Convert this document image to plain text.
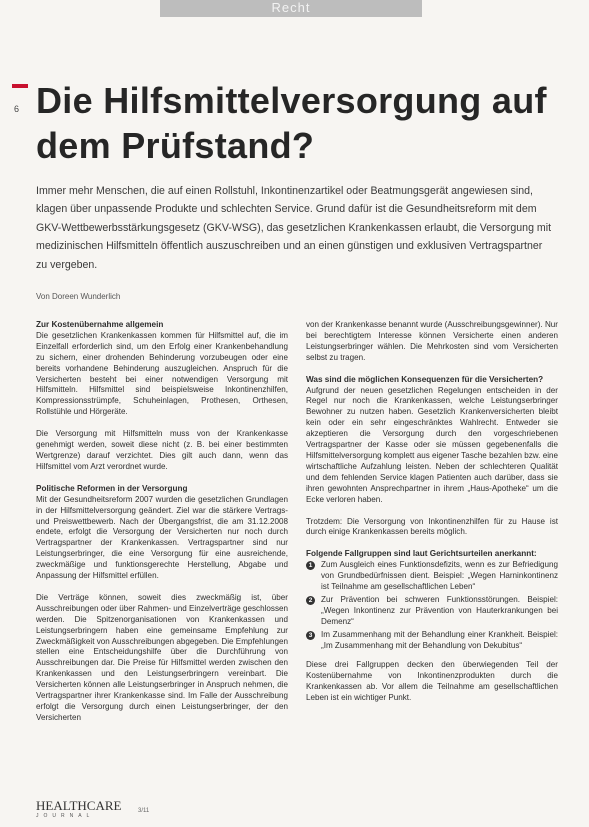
Recht
6 Die Hilfsmittelversorgung auf dem Prüfstand?

Immer mehr Menschen, die auf einen Rollstuhl, Inkontinenzartikel oder Beatmungsgerät angewiesen sind, klagen über unpassende Produkte und schlechten Service. Grund dafür ist die Gesundheitsreform mit dem GKV-Wettbewerbsstärkungsgesetz (GKV-WSG), das gesetzlichen Krankenkassen erlaubt, die Versorgung mit medizinischen Hilfsmitteln öffentlich auszuschreiben und an einen günstigen und exklusiven Vertragspartner zu vergeben.

Von Doreen Wunderlich
Zur Kostenübernahme allgemein

Die gesetzlichen Krankenkassen kommen für Hilfsmittel auf, die im Einzelfall erforderlich sind, um den Erfolg einer Krankenbehandlung zu sichern, einer drohenden Behinderung vorzubeugen oder eine bereits vorhandene Behinderung auszugleichen. Anspruch für die Versicherten besteht bei einer notwendigen Versorgung mit Hilfsmitteln. Hilfsmittel sind beispielsweise Inkontinenzhilfen, Kompressionsstrümpfe, Schuheinlagen, Prothesen, Orthesen, Rollstühle und Hörgeräte.

Die Versorgung mit Hilfsmitteln muss von der Krankenkasse genehmigt werden, soweit diese nicht (z. B. bei einer bestimmten Wertgrenze) darauf verzichtet. Dies gilt auch dann, wenn das Hilfsmittel vom Arzt verordnet wurde.

Politische Reformen in der Versorgung

Mit der Gesundheitsreform 2007 wurden die gesetzlichen Grundlagen in der Hilfsmittelversorgung geändert. Ziel war die stärkere Vertrags- und Preiswettbewerb. Nach der Übergangsfrist, die am 31.12.2008 endete, erfolgt die Versorgung der Versicherten nur noch durch Vertragspartner der Krankenkassen. Vertragspartner sind nur Leistungserbringer, die eine Versorgung für eine ausreichende, zweckmäßige und funktionsgerechte Herstellung, Abgabe und Anpassung der Hilfsmittel erfüllen.

Die Verträge können, soweit dies zweckmäßig ist, über Ausschreibungen oder über Rahmen- und Einzelverträge geschlossen werden. Die Spitzenorganisationen von Krankenkassen und Leistungserbringern haben eine gemeinsame Empfehlung zur Zweckmäßigkeit von Ausschreibungen abgegeben. Die Empfehlungen stellen eine Entscheidungshilfe über die Durchführung von Ausschreibungen dar. Die Preise für Hilfsmittel werden zwischen den Krankenkassen und den Leistungserbringern vereinbart. Die Versicherten können alle Leistungserbringer in Anspruch nehmen, die Vertragspartner ihrer Krankenkasse sind. Im Falle der Ausschreibung erfolgt die Versorgung durch einen Leistungserbringer, der den Versicherten

von der Krankenkasse benannt wurde (Ausschreibungsgewinner). Nur bei berechtigtem Interesse können Versicherte einen anderen Leistungserbringer wählen. Die Mehrkosten sind vom Versicherten selbst zu tragen.

Was sind die möglichen Konsequenzen für die Versicherten?

Aufgrund der neuen gesetzlichen Regelungen entscheiden in der Regel nur noch die Krankenkassen, welche Leistungserbringer Bewohner zu nutzen haben. Gesetzlich Krankenversicherten bleibt kein oder ein sehr eingeschränktes Wahlrecht. Entweder sie akzeptieren die Versorgung durch den vorgeschriebenen Vertragspartner der Kasse oder sie müssen gegebenenfalls die Hilfsmittelversorgung komplett aus eigener Tasche bezahlen bzw. eine wirtschaftliche Aufzahlung leisten. Neben der schlechteren Qualität und dem fehlenden Service klagen Patienten auch darüber, dass sie ihren gewohnten Ansprechpartner in ihrem „Haus-Apotheke“ um die Ecke verloren haben.

Trotzdem: Die Versorgung von Inkontinenzhilfen für zu Hause ist durch einige Krankenkassen bereits möglich.

Folgende Fallgruppen sind laut Gerichtsurteilen anerkannt:
1	Zum Ausgleich eines Funktionsdefizits, wenn es zur Befriedigung von Grundbedürfnissen dient. Beispiel: „Wegen Harninkontinenz ist Teilnahme am gesellschaftlichen Leben“
2	Zur Prävention bei schweren Funktionsstörungen. Beispiel: „Wegen Inkontinenz zur Prävention von Hauterkrankungen bei Demenz“
3	Im Zusammenhang mit der Behandlung einer Krankheit. Beispiel: „Im Zusammenhang mit der Behandlung von Dekubitus“

Diese drei Fallgruppen decken den überwiegenden Teil der Kostenübernahme von Inkontinenzprodukten durch die Krankenkassen ab. Vor allem die Teilnahme am gesellschaftlichen Leben ist ein wichtiger Punkt.

HEALTHCARE
JOURNAL
3/11
